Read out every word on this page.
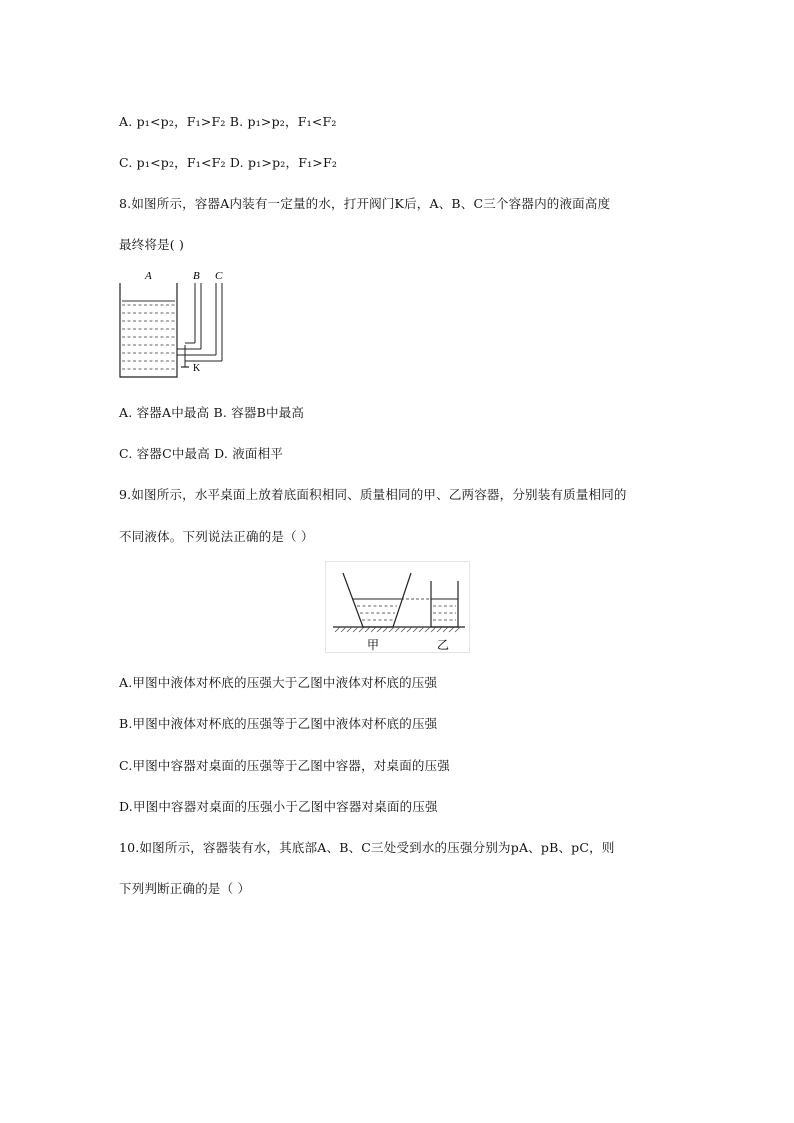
A. p₁<p₂，F₁>F₂ B. p₁>p₂，F₁<F₂
C. p₁<p₂，F₁<F₂ D. p₁>p₂，F₁>F₂
8.如图所示，容器A内装有一定量的水，打开阀门K后，A、B、C三个容器内的液面高度
最终将是( )
A	B C
K
A. 容器A中最高 B. 容器B中最高
C. 容器C中最高 D. 液面相平
9.如图所示，水平桌面上放着底面积相同、质量相同的甲、乙两容器，分别装有质量相同的
不同液体。下列说法正确的是（ ）
甲	乙
A.甲图中液体对杯底的压强大于乙图中液体对杯底的压强
B.甲图中液体对杯底的压强等于乙图中液体对杯底的压强
C.甲图中容器对桌面的压强等于乙图中容器，对桌面的压强
D.甲图中容器对桌面的压强小于乙图中容器对桌面的压强
10.如图所示，容器装有水，其底部A、B、C三处受到水的压强分别为pA、pB、pC，则
下列判断正确的是（ ）
